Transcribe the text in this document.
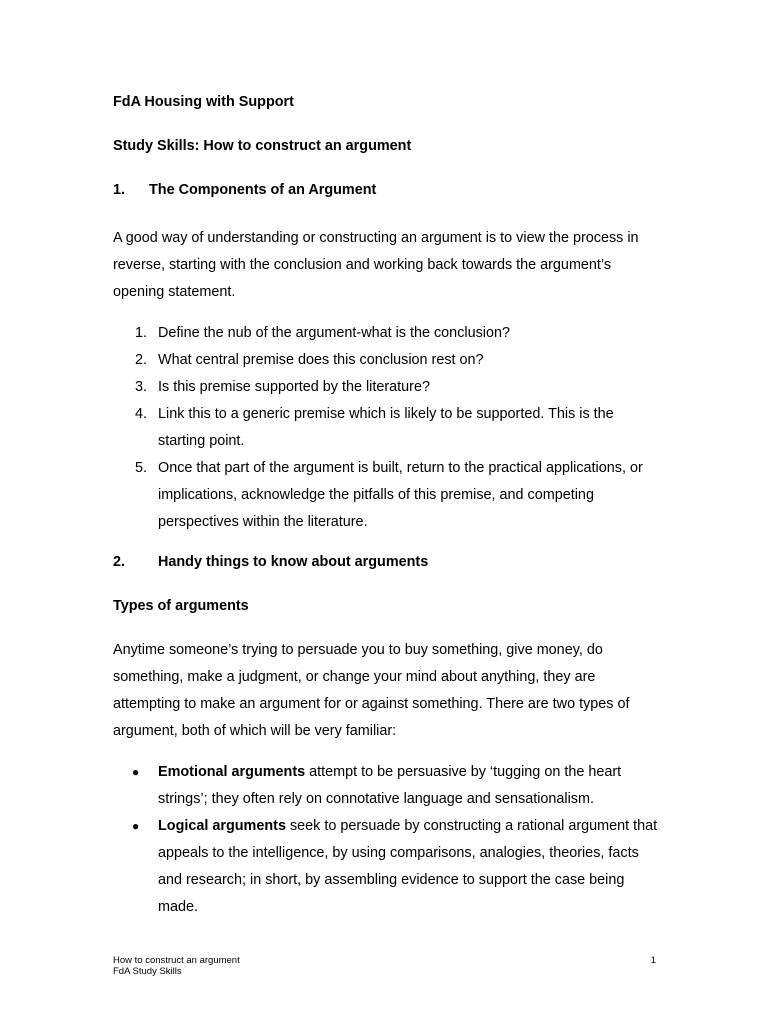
FdA Housing with Support

Study Skills: How to construct an argument

1.	The Components of an Argument

A good way of understanding or constructing an argument is to view the process in reverse, starting with the conclusion and working back towards the argument’s opening statement.

1. Define the nub of the argument-what is the conclusion?
2. What central premise does this conclusion rest on?
3. Is this premise supported by the literature?
4. Link this to a generic premise which is likely to be supported. This is the starting point.
5. Once that part of the argument is built, return to the practical applications, or implications, acknowledge the pitfalls of this premise, and competing perspectives within the literature.
2.	Handy things to know about arguments

Types of arguments

Anytime someone’s trying to persuade you to buy something, give money, do something, make a judgment, or change your mind about anything, they are attempting to make an argument for or against something. There are two types of argument, both of which will be very familiar:

●	Emotional arguments attempt to be persuasive by ‘tugging on the heart strings’; they often rely on connotative language and sensationalism.
●	Logical arguments seek to persuade by constructing a rational argument that appeals to the intelligence, by using comparisons, analogies, theories, facts and research; in short, by assembling evidence to support the case being made.
How to construct an argument
FdA Study Skills
1
